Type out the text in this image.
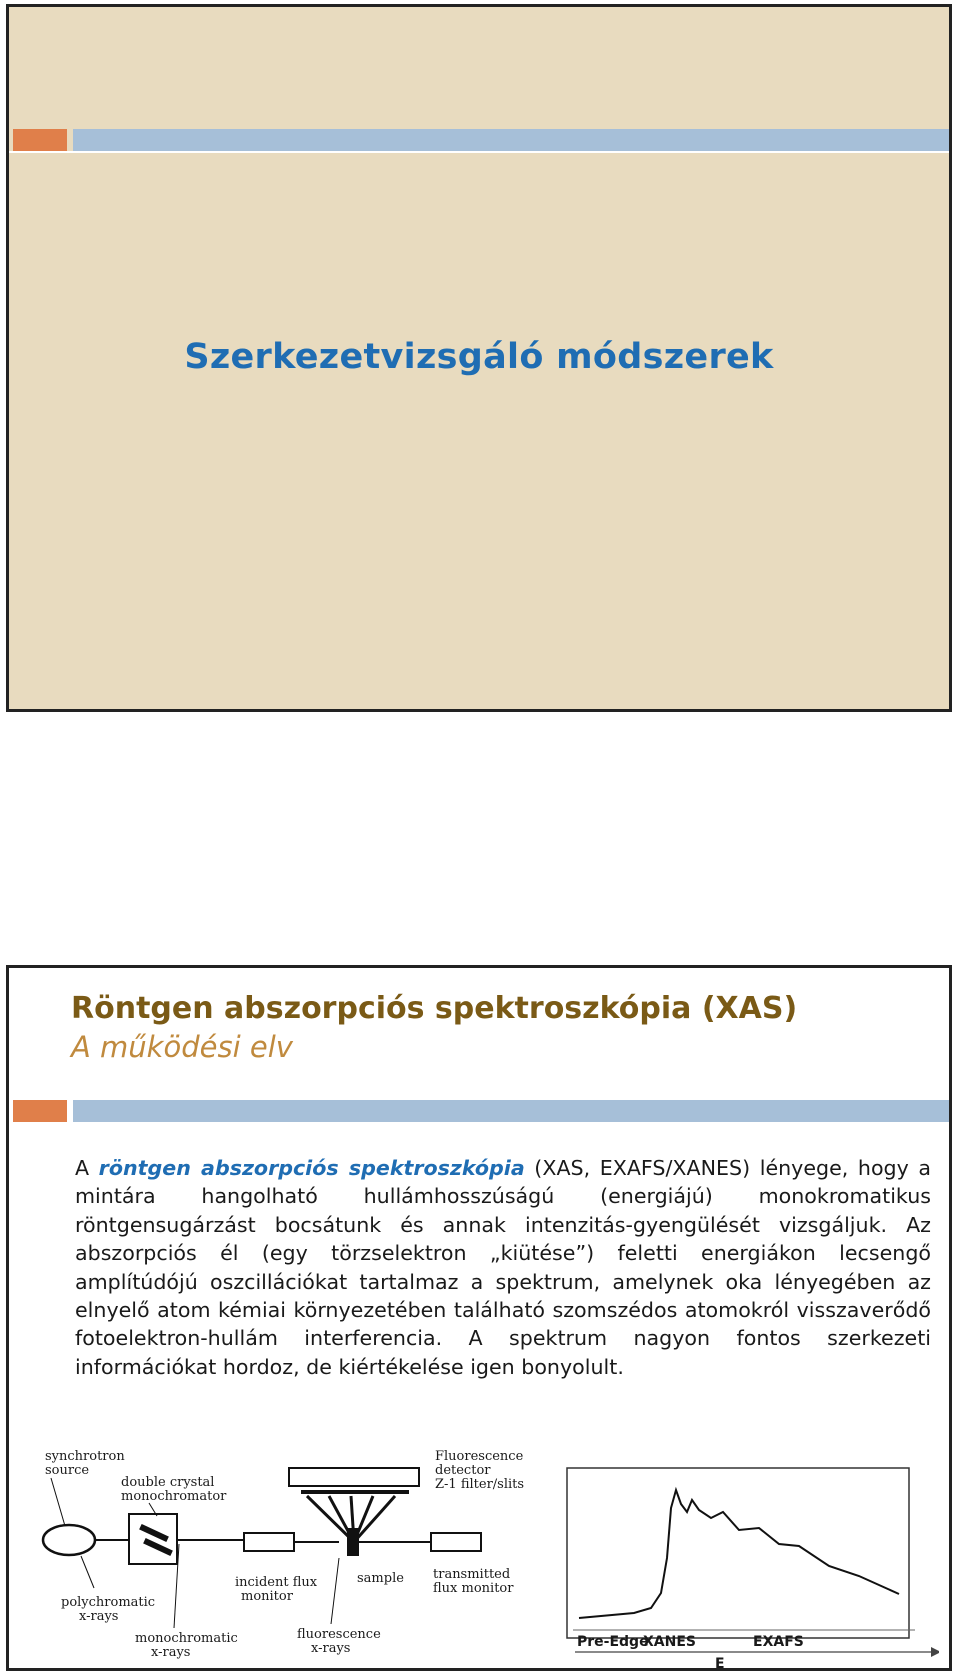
Szerkezetvizsgáló módszerek
Röntgen abszorpciós spektroszkópia (XAS)
A működési elv
A röntgen abszorpciós spektroszkópia (XAS, EXAFS/XANES) lényege, hogy a mintára hangolható hullámhosszúságú (energiájú) monokromatikus röntgensugárzást bocsátunk és annak intenzitás-gyengülését vizsgáljuk. Az abszorpciós él (egy törzselektron „kiütése”) feletti energiákon lecsengő amplítúdójú oszcillációkat tartalmaz a spektrum, amelynek oka lényegében az elnyelő atom kémiai környezetében található szomszédos atomokról visszaverődő fotoelektron-hullám interferencia. A spektrum nagyon fontos szerkezeti információkat hordoz, de kiértékelése igen bonyolult.
synchrotron
source
double crystal
monochromator
Fluorescence
detector
Z-1 filter/slits
polychromatic
x-rays
monochromatic
x-rays
incident flux
monitor
sample
fluorescence
x-rays
transmitted
flux monitor
Pre-Edge
XANES	EXAFS
E
